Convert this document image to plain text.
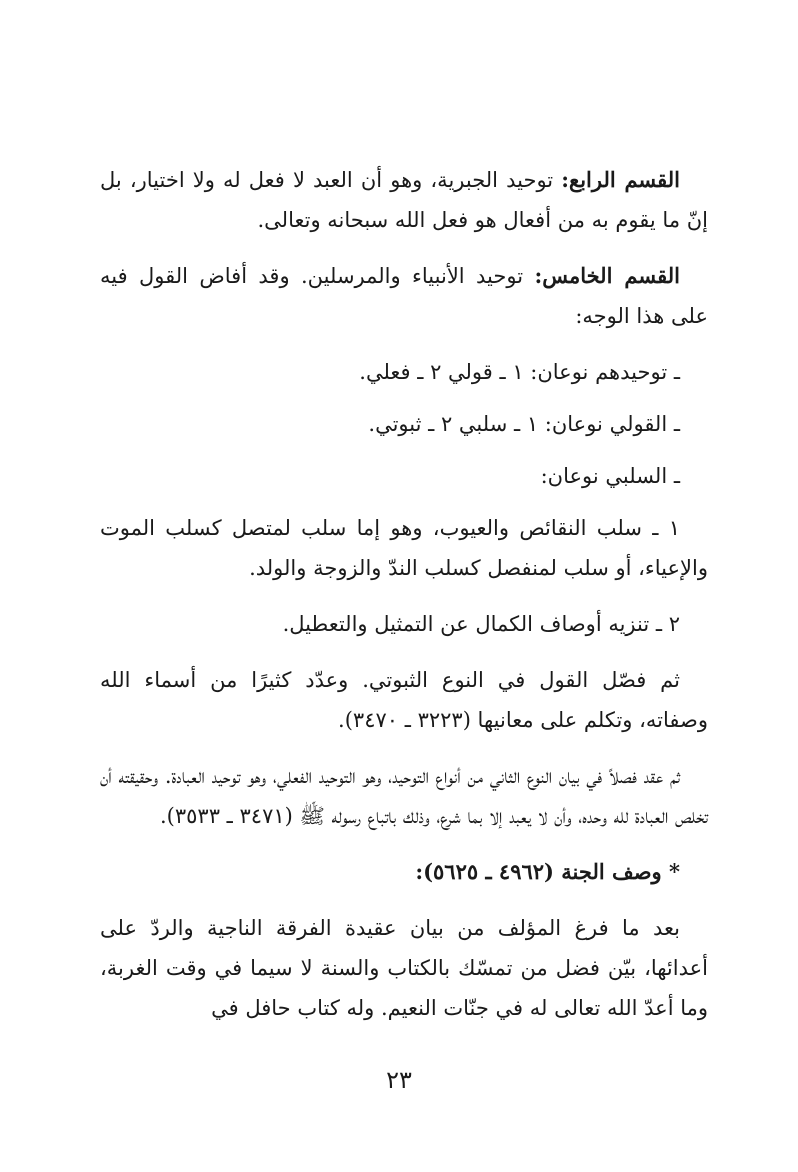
القسم الرابع: توحيد الجبرية، وهو أن العبد لا فعل له ولا اختيار، بل إنّ ما يقوم به من أفعال هو فعل الله سبحانه وتعالى.

القسم الخامس: توحيد الأنبياء والمرسلين. وقد أفاض القول فيه على هذا الوجه:

ـ توحيدهم نوعان: ١ ـ قولي ٢ ـ فعلي.

ـ القولي نوعان: ١ ـ سلبي ٢ ـ ثبوتي.

ـ السلبي نوعان:

١ ـ سلب النقائص والعيوب، وهو إما سلب لمتصل كسلب الموت والإعياء، أو سلب لمنفصل كسلب الندّ والزوجة والولد.

٢ ـ تنزيه أوصاف الكمال عن التمثيل والتعطيل.

ثم فصّل القول في النوع الثبوتي. وعدّد كثيرًا من أسماء الله وصفاته، وتكلم على معانيها (٣٢٢٣ ـ ٣٤٧٠).

ثم عقد فصلاً في بيان النوع الثاني من أنواع التوحيد، وهو التوحيد الفعلي، وهو توحيد العبادة. وحقيقته أن تخلص العبادة لله وحده، وأن لا يعبد إلا بما شرع، وذلك باتباع رسوله ﷺ (٣٤٧١ ـ ٣٥٣٣).

* وصف الجنة (٤٩٦٢ ـ ٥٦٢٥):

بعد ما فرغ المؤلف من بيان عقيدة الفرقة الناجية والردّ على أعدائها، بيّن فضل من تمسّك بالكتاب والسنة لا سيما في وقت الغربة، وما أعدّ الله تعالى له في جنّات النعيم. وله كتاب حافل في

٢٣
